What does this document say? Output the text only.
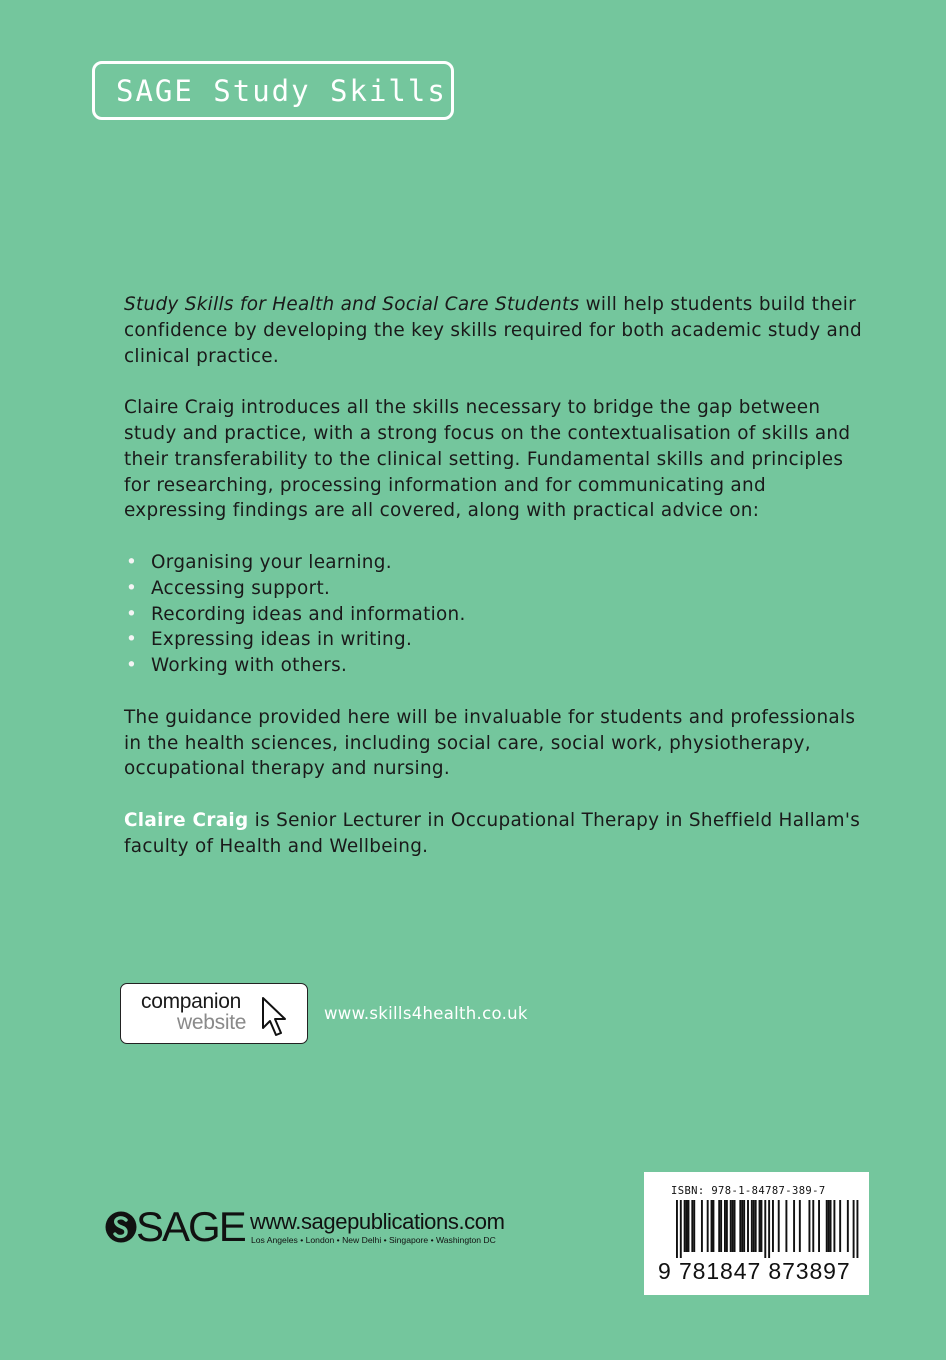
SAGE Study Skills

Study Skills for Health and Social Care Students will help students build their confidence by developing the key skills required for both academic study and clinical practice.

Claire Craig introduces all the skills necessary to bridge the gap between study and practice, with a strong focus on the contextualisation of skills and their transferability to the clinical setting. Fundamental skills and principles for researching, processing information and for communicating and expressing findings are all covered, along with practical advice on:

• Organising your learning.
• Accessing support.
• Recording ideas and information.
• Expressing ideas in writing.
• Working with others.

The guidance provided here will be invaluable for students and professionals in the health sciences, including social care, social work, physiotherapy, occupational therapy and nursing.

Claire Craig is Senior Lecturer in Occupational Therapy in Sheffield Hallam's faculty of Health and Wellbeing.

companion
website	www.skills4health.co.uk
SAGE www.sagepublications.com
Los Angeles • London • New Delhi • Singapore • Washington DC
ISBN: 978-1-84787-389-7
9 781847 873897
